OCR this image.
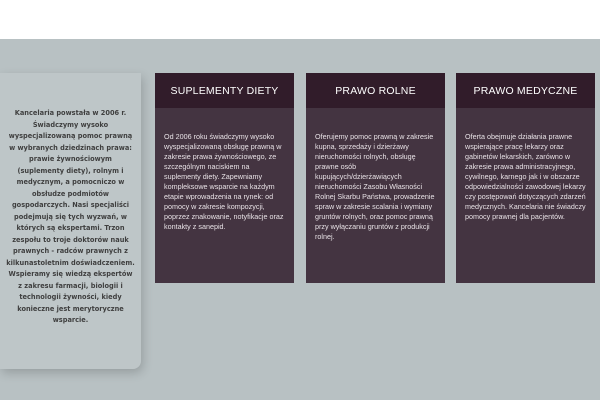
Kancelaria powstała w 2006 r. Świadczymy wysoko wyspecjalizowaną pomoc prawną w wybranych dziedzinach prawa: prawie żywnościowym (suplementy diety), rolnym i medycznym, a pomocniczo w obsłudze podmiotów gospodarczych. Nasi specjaliści podejmują się tych wyzwań, w których są ekspertami. Trzon zespołu to troje doktorów nauk prawnych - radców prawnych z kilkunastoletnim doświadczeniem. Wspieramy się wiedzą ekspertów z zakresu farmacji, biologii i technologii żywności, kiedy konieczne jest merytoryczne wsparcie.

SUPLEMENTY DIETY
Od 2006 roku świadczymy wysoko wyspecjalizowaną obsługę prawną w zakresie prawa żywnościowego, ze szczególnym naciskiem na suplementy diety. Zapewniamy kompleksowe wsparcie na każdym etapie wprowadzenia na rynek: od pomocy w zakresie kompozycji, poprzez znakowanie, notyfikacje oraz kontakty z sanepid.
PRAWO ROLNE
Oferujemy pomoc prawną w zakresie kupna, sprzedaży i dzierżawy nieruchomości rolnych, obsługę prawne osób kupujących/dzierżawiących nieruchomości Zasobu Własności Rolnej Skarbu Państwa, prowadzenie spraw w zakresie scalania i wymiany gruntów rolnych, oraz pomoc prawną przy wyłączaniu gruntów z produkcji rolnej.
PRAWO MEDYCZNE
Oferta obejmuje działania prawne wspierające pracę lekarzy oraz gabinetów lekarskich, zarówno w zakresie prawa administracyjnego, cywilnego, karnego jak i w obszarze odpowiedzialności zawodowej lekarzy czy postępowań dotyczących zdarzeń medycznych. Kancelaria nie świadczy pomocy prawnej dla pacjentów.
